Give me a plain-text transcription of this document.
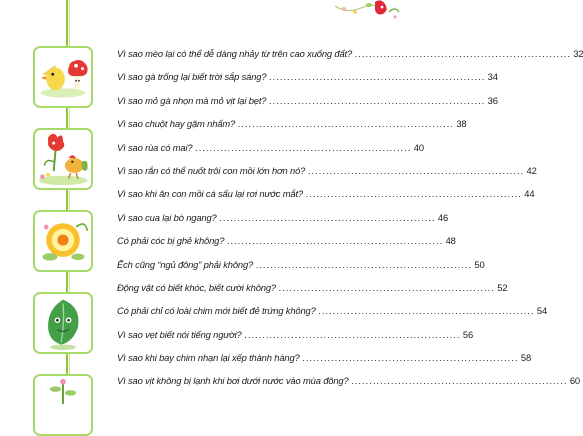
Vì sao mèo lại có thể dễ dàng nhảy từ trên cao xuống đất? .....	32
Vì sao gà trống lại biết trời sắp sáng? .....	34
Vì sao mỏ gà nhọn mà mỏ vịt lại bẹt? .....	36
Vì sao chuột hay gặm nhấm? .....	38
Vì sao rùa có mai? .....	40
Vì sao rắn có thể nuốt trôi con mồi lớn hơn nó? .....	42
Vì sao khi ăn con mồi cá sấu lại rơi nước mắt? .....	44
Vì sao cua lại bò ngang? .....	46
Có phải cóc bị ghẻ không? .....	48
Ếch cũng “ngủ đông” phải không? .....	50
Động vật có biết khóc, biết cười không? .....	52
Có phải chỉ có loài chim mới biết đẻ trứng không? .....	54
Vì sao vẹt biết nói tiếng người? .....	56
Vì sao khi bay chim nhạn lại xếp thành hàng? .....	58
Vì sao vịt không bị lạnh khi bơi dưới nước vào mùa đông? .....	60
